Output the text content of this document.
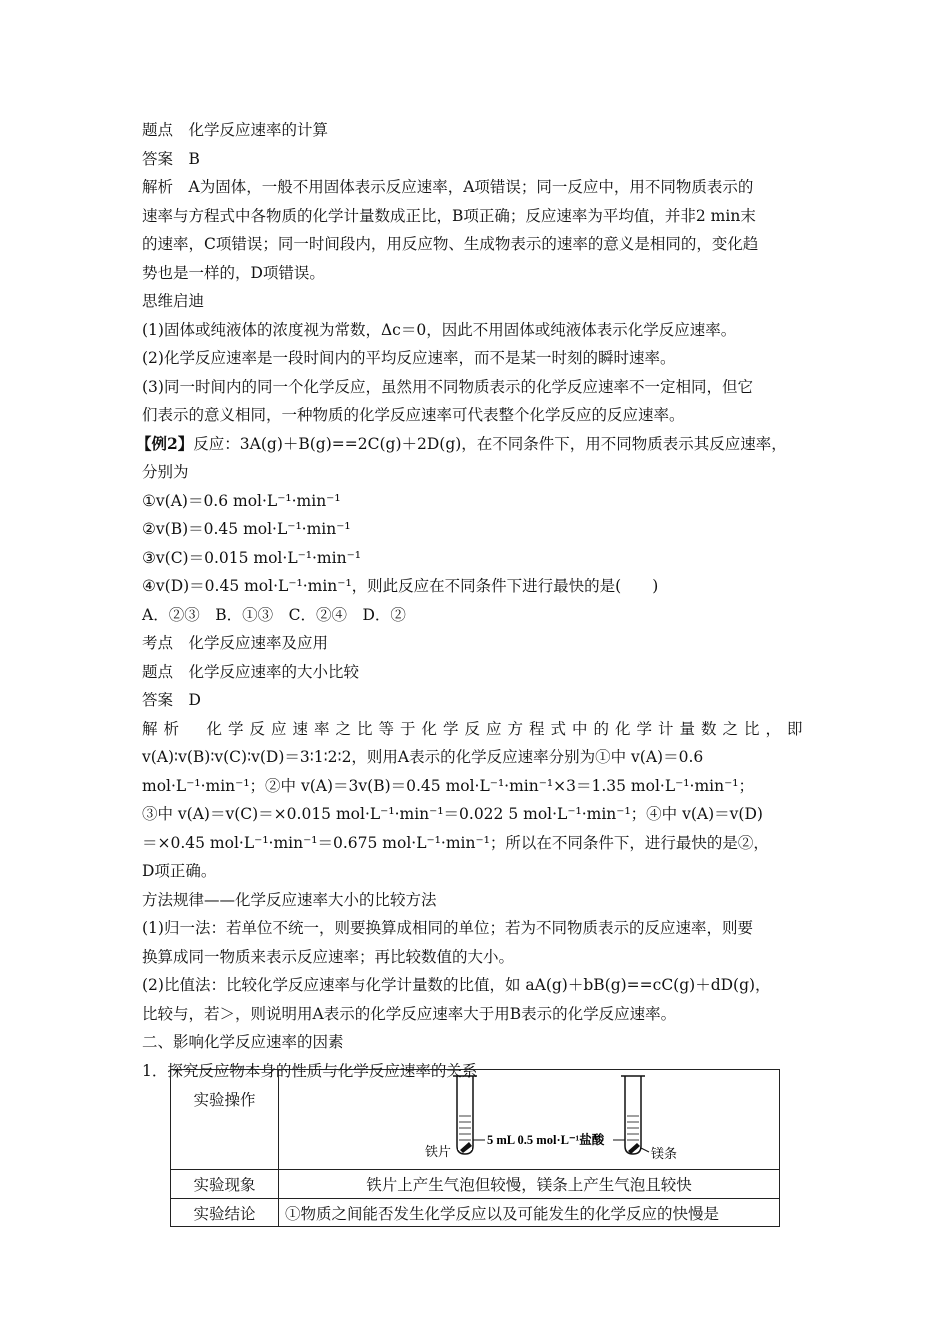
题点　化学反应速率的计算
答案　B
解析　A为固体，一般不用固体表示反应速率，A项错误；同一反应中，用不同物质表示的
速率与方程式中各物质的化学计量数成正比，B项正确；反应速率为平均值，并非2 min末
的速率，C项错误；同一时间段内，用反应物、生成物表示的速率的意义是相同的，变化趋
势也是一样的，D项错误。
思维启迪
(1)固体或纯液体的浓度视为常数，Δc＝0，因此不用固体或纯液体表示化学反应速率。
(2)化学反应速率是一段时间内的平均反应速率，而不是某一时刻的瞬时速率。
(3)同一时间内的同一个化学反应，虽然用不同物质表示的化学反应速率不一定相同，但它
们表示的意义相同，一种物质的化学反应速率可代表整个化学反应的反应速率。
【例2】反应：3A(g)＋B(g)==2C(g)＋2D(g)，在不同条件下，用不同物质表示其反应速率，
分别为
①v(A)＝0.6 mol·L⁻¹·min⁻¹
②v(B)＝0.45 mol·L⁻¹·min⁻¹
③v(C)＝0.015 mol·L⁻¹·min⁻¹
④v(D)＝0.45 mol·L⁻¹·min⁻¹，则此反应在不同条件下进行最快的是(　　)
A．②③　B．①③　C．②④　D．②
考点　化学反应速率及应用
题点　化学反应速率的大小比较
答案　D
解析　化学反应速率之比等于化学反应方程式中的化学计量数之比，即
v(A)∶v(B)∶v(C)∶v(D)＝3∶1∶2∶2，则用A表示的化学反应速率分别为①中 v(A)＝0.6
mol·L⁻¹·min⁻¹；②中 v(A)＝3v(B)＝0.45 mol·L⁻¹·min⁻¹×3＝1.35 mol·L⁻¹·min⁻¹；
③中 v(A)＝v(C)＝×0.015 mol·L⁻¹·min⁻¹＝0.022 5 mol·L⁻¹·min⁻¹；④中 v(A)＝v(D)
＝×0.45 mol·L⁻¹·min⁻¹＝0.675 mol·L⁻¹·min⁻¹；所以在不同条件下，进行最快的是②，
D项正确。
方法规律——化学反应速率大小的比较方法
(1)归一法：若单位不统一，则要换算成相同的单位；若为不同物质表示的反应速率，则要
换算成同一物质来表示反应速率；再比较数值的大小。
(2)比值法：比较化学反应速率与化学计量数的比值，如 aA(g)＋bB(g)==cC(g)＋dD(g)，
比较与，若＞，则说明用A表示的化学反应速率大于用B表示的化学反应速率。
二、影响化学反应速率的因素
1．探究反应物本身的性质与化学反应速率的关系
实验操作	铁片
5 mL 0.5 mol·L⁻¹盐酸
镁条

实验现象	铁片上产生气泡但较慢，镁条上产生气泡且较快
实验结论	①物质之间能否发生化学反应以及可能发生的化学反应的快慢是
